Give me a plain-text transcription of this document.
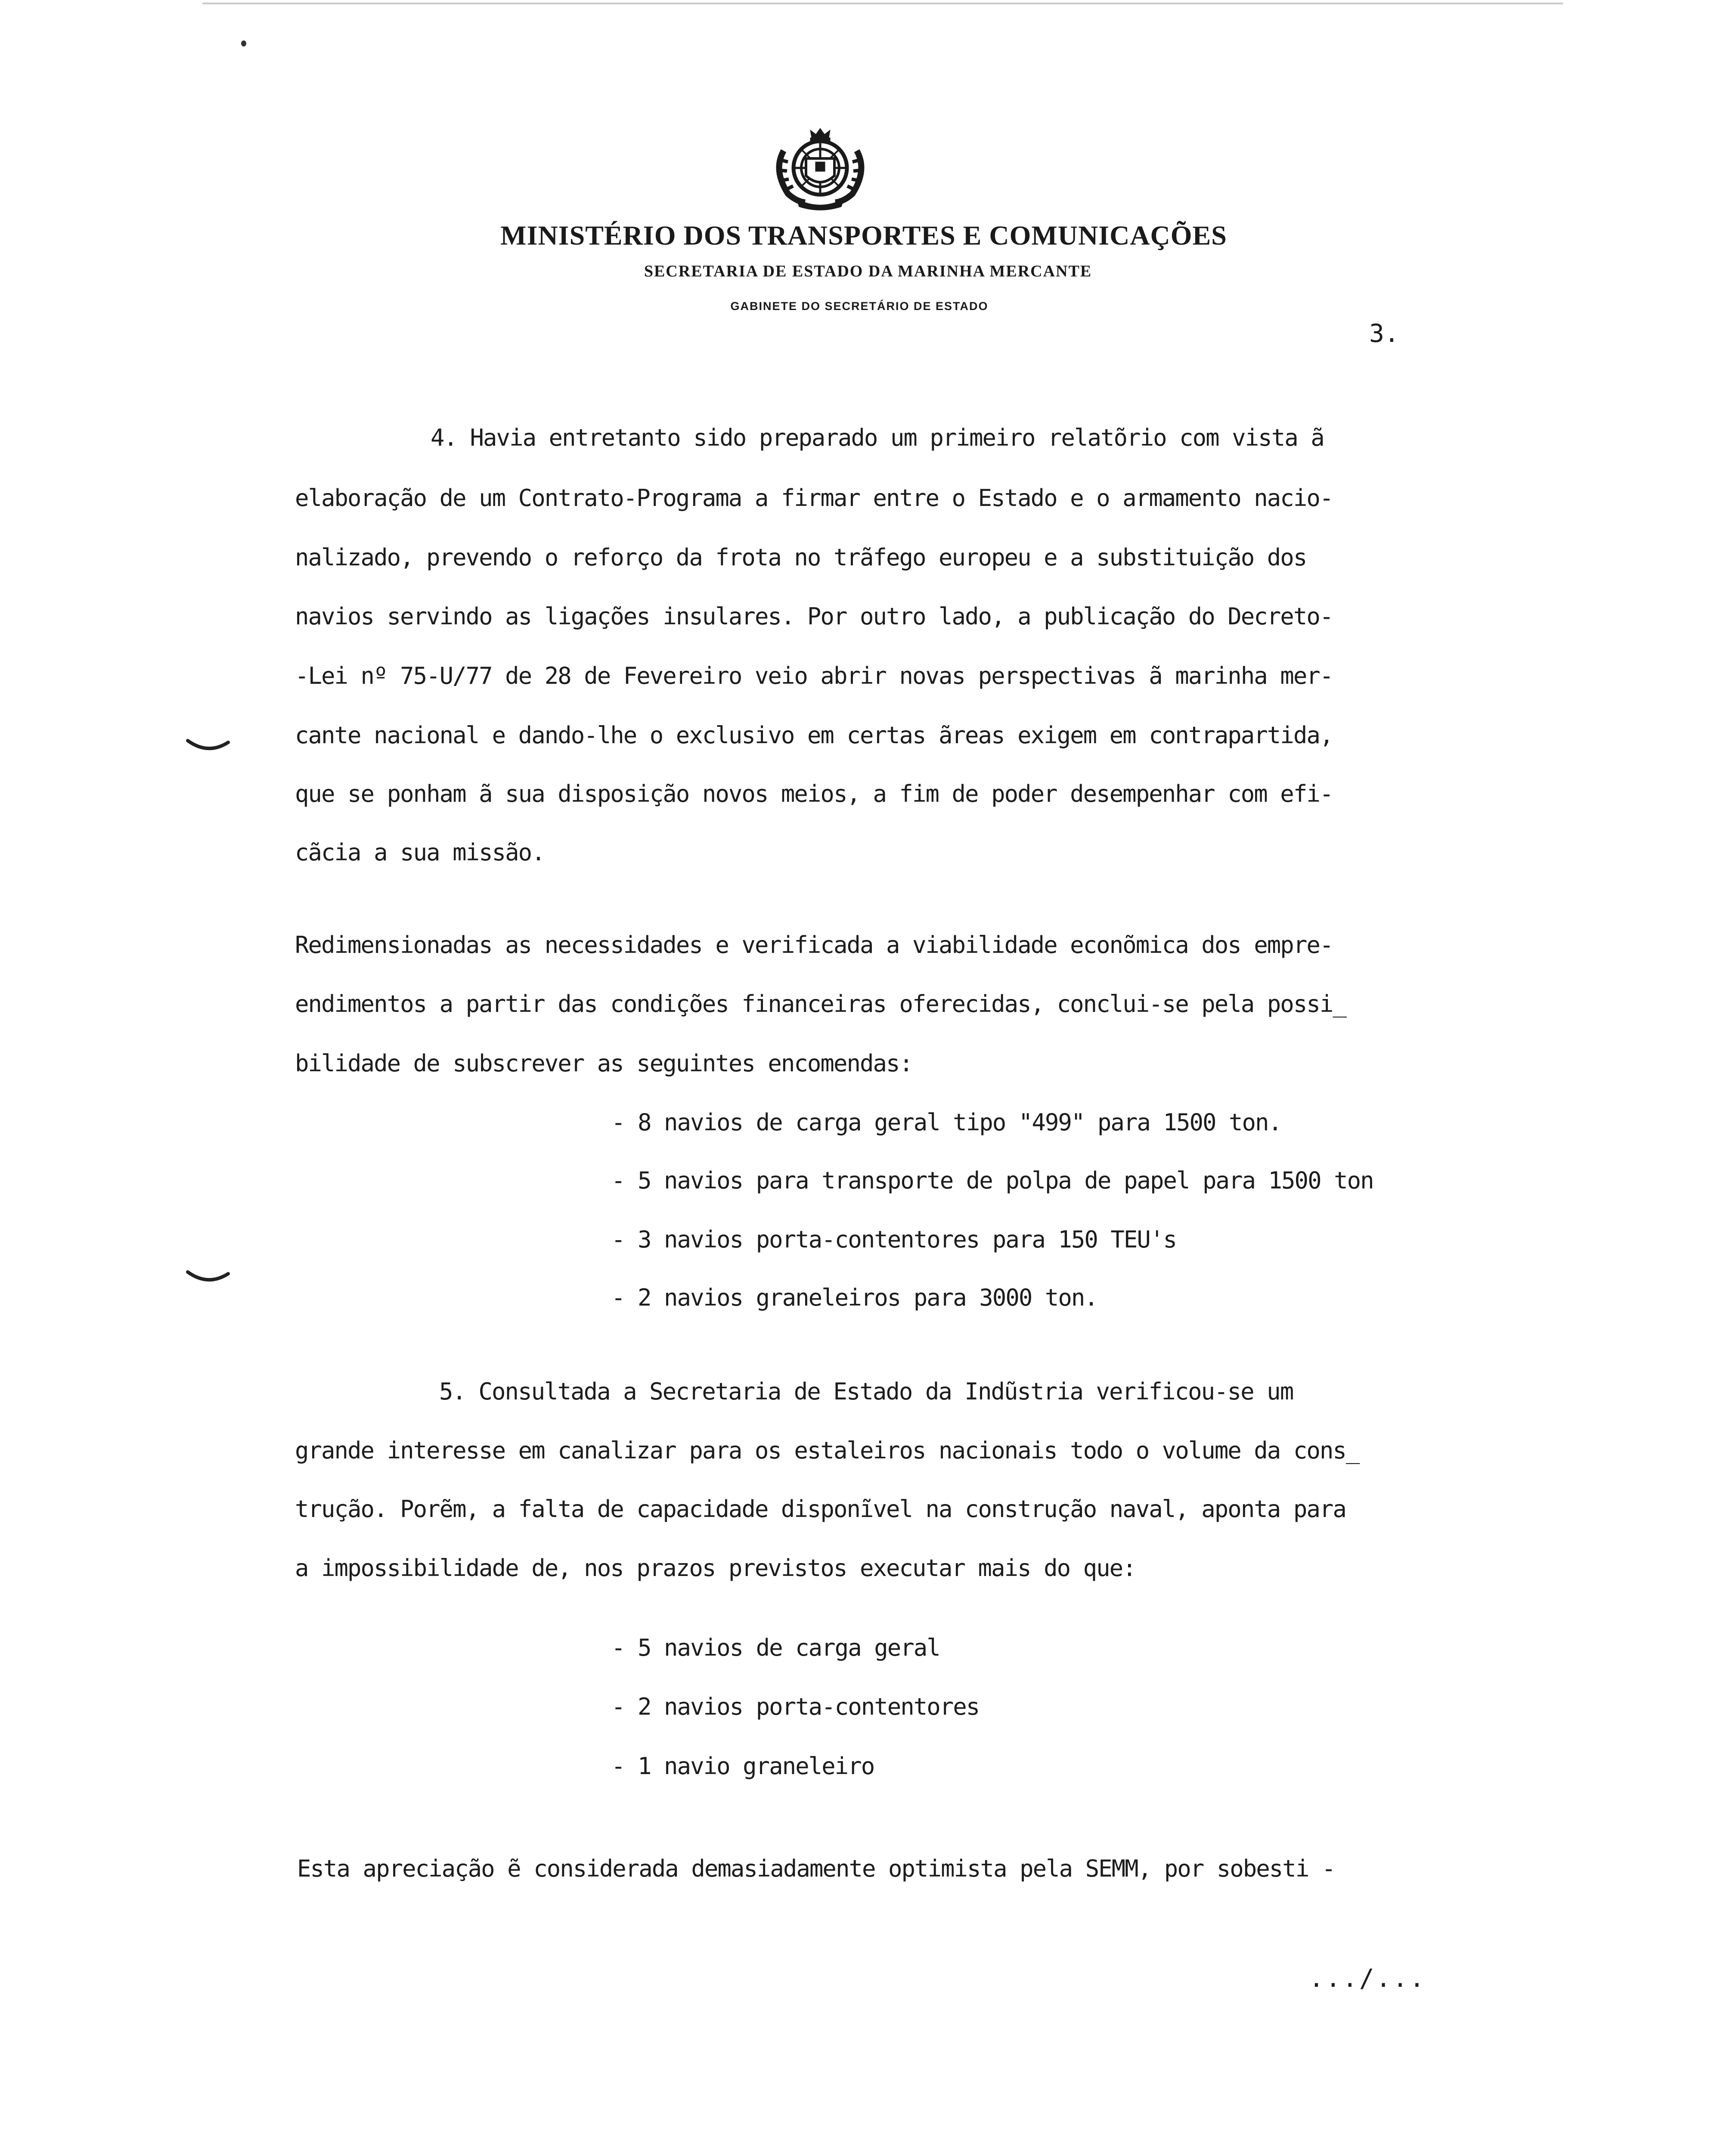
MINISTÉRIO DOS TRANSPORTES E COMUNICAÇÕES
SECRETARIA DE ESTADO DA MARINHA MERCANTE
GABINETE DO SECRETÁRIO DE ESTADO
3.
4. Havia entretanto sido preparado um primeiro relatõrio com vista ã
elaboração de um Contrato-Programa a firmar entre o Estado e o armamento nacio-
nalizado, prevendo o reforço da frota no trãfego europeu e a substituição dos
navios servindo as ligações insulares. Por outro lado, a publicação do Decreto-
-Lei nº 75-U/77 de 28 de Fevereiro veio abrir novas perspectivas ã marinha mer-
cante nacional e dando-lhe o exclusivo em certas ãreas exigem em contrapartida,
que se ponham ã sua disposição novos meios, a fim de poder desempenhar com efi-
cãcia a sua missão.
Redimensionadas as necessidades e verificada a viabilidade econõmica dos empre-
endimentos a partir das condições financeiras oferecidas, conclui-se pela possi_
bilidade de subscrever as seguintes encomendas:
- 8 navios de carga geral tipo "499" para 1500 ton.
- 5 navios para transporte de polpa de papel para 1500 ton
- 3 navios porta-contentores para 150 TEU's
- 2 navios graneleiros para 3000 ton.
5. Consultada a Secretaria de Estado da Indũstria verificou-se um
grande interesse em canalizar para os estaleiros nacionais todo o volume da cons_
trução. Porẽm, a falta de capacidade disponĩvel na construção naval, aponta para
a impossibilidade de, nos prazos previstos executar mais do que:
- 5 navios de carga geral
- 2 navios porta-contentores
- 1 navio graneleiro
Esta apreciação ẽ considerada demasiadamente optimista pela SEMM, por sobesti -
.../...
